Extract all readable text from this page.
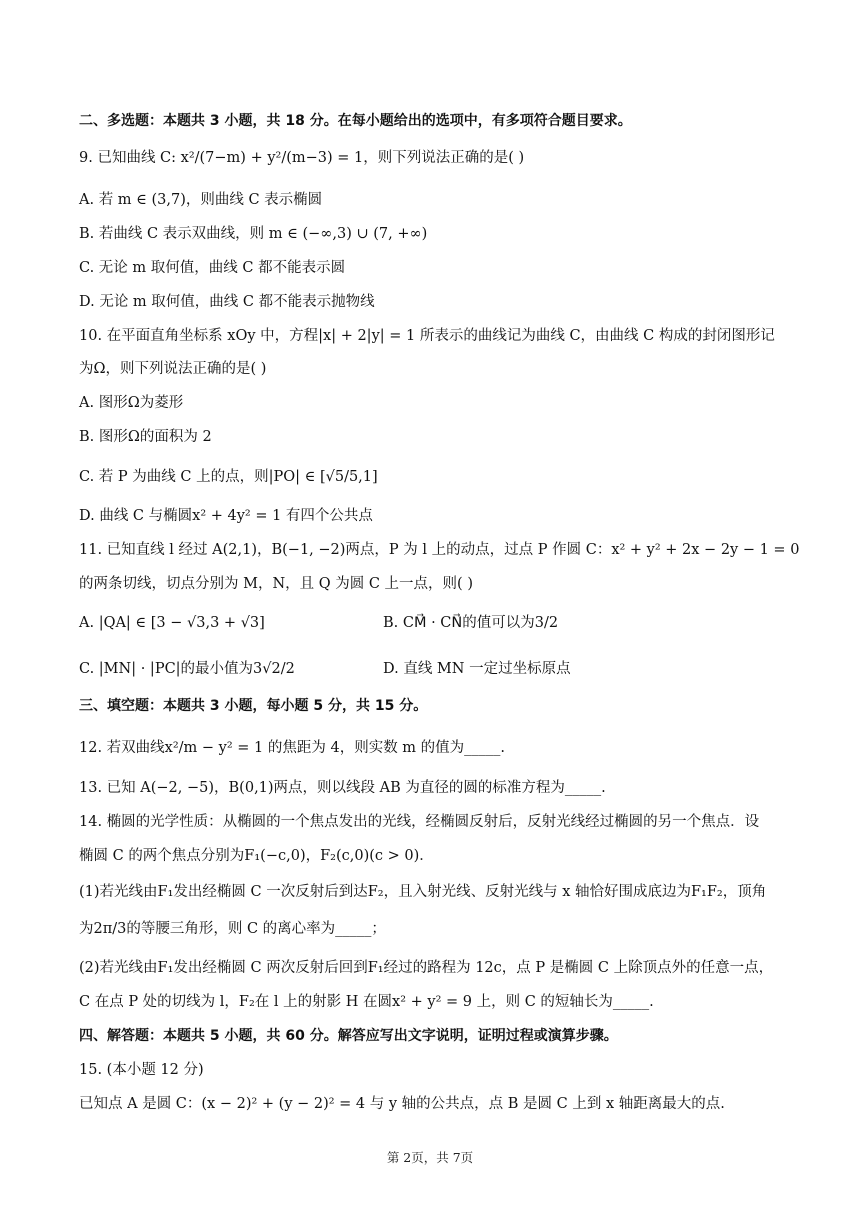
二、多选题：本题共 3 小题，共 18 分。在每小题给出的选项中，有多项符合题目要求。
9. 已知曲线 C: x²/(7−m) + y²/(m−3) = 1，则下列说法正确的是( )
A. 若 m ∈ (3,7)，则曲线 C 表示椭圆
B. 若曲线 C 表示双曲线，则 m ∈ (−∞,3) ∪ (7, +∞)
C. 无论 m 取何值，曲线 C 都不能表示圆
D. 无论 m 取何值，曲线 C 都不能表示抛物线
10. 在平面直角坐标系 xOy 中，方程|x| + 2|y| = 1 所表示的曲线记为曲线 C，由曲线 C 构成的封闭图形记
为Ω，则下列说法正确的是( )
A. 图形Ω为菱形
B. 图形Ω的面积为 2
C. 若 P 为曲线 C 上的点，则|PO| ∈ [√5/5,1]
D. 曲线 C 与椭圆x² + 4y² = 1 有四个公共点
11. 已知直线 l 经过 A(2,1)，B(−1, −2)两点，P 为 l 上的动点，过点 P 作圆 C：x² + y² + 2x − 2y − 1 = 0
的两条切线，切点分别为 M，N，且 Q 为圆 C 上一点，则( )
A. |QA| ∈ [3 − √3,3 + √3]	B. CM⃗ · CN⃗的值可以为3/2
C. |MN| · |PC|的最小值为3√2/2	D. 直线 MN 一定过坐标原点
三、填空题：本题共 3 小题，每小题 5 分，共 15 分。
12. 若双曲线x²/m − y² = 1 的焦距为 4，则实数 m 的值为_____.
13. 已知 A(−2, −5)，B(0,1)两点，则以线段 AB 为直径的圆的标准方程为_____.
14. 椭圆的光学性质：从椭圆的一个焦点发出的光线，经椭圆反射后，反射光线经过椭圆的另一个焦点．设
椭圆 C 的两个焦点分别为F₁(−c,0)，F₂(c,0)(c > 0)．
(1)若光线由F₁发出经椭圆 C 一次反射后到达F₂，且入射光线、反射光线与 x 轴恰好围成底边为F₁F₂，顶角
为2π/3的等腰三角形，则 C 的离心率为_____；
(2)若光线由F₁发出经椭圆 C 两次反射后回到F₁经过的路程为 12c，点 P 是椭圆 C 上除顶点外的任意一点，
C 在点 P 处的切线为 l，F₂在 l 上的射影 H 在圆x² + y² = 9 上，则 C 的短轴长为_____.
四、解答题：本题共 5 小题，共 60 分。解答应写出文字说明，证明过程或演算步骤。
15. (本小题 12 分)
已知点 A 是圆 C：(x − 2)² + (y − 2)² = 4 与 y 轴的公共点，点 B 是圆 C 上到 x 轴距离最大的点.
第 2页，共 7页
